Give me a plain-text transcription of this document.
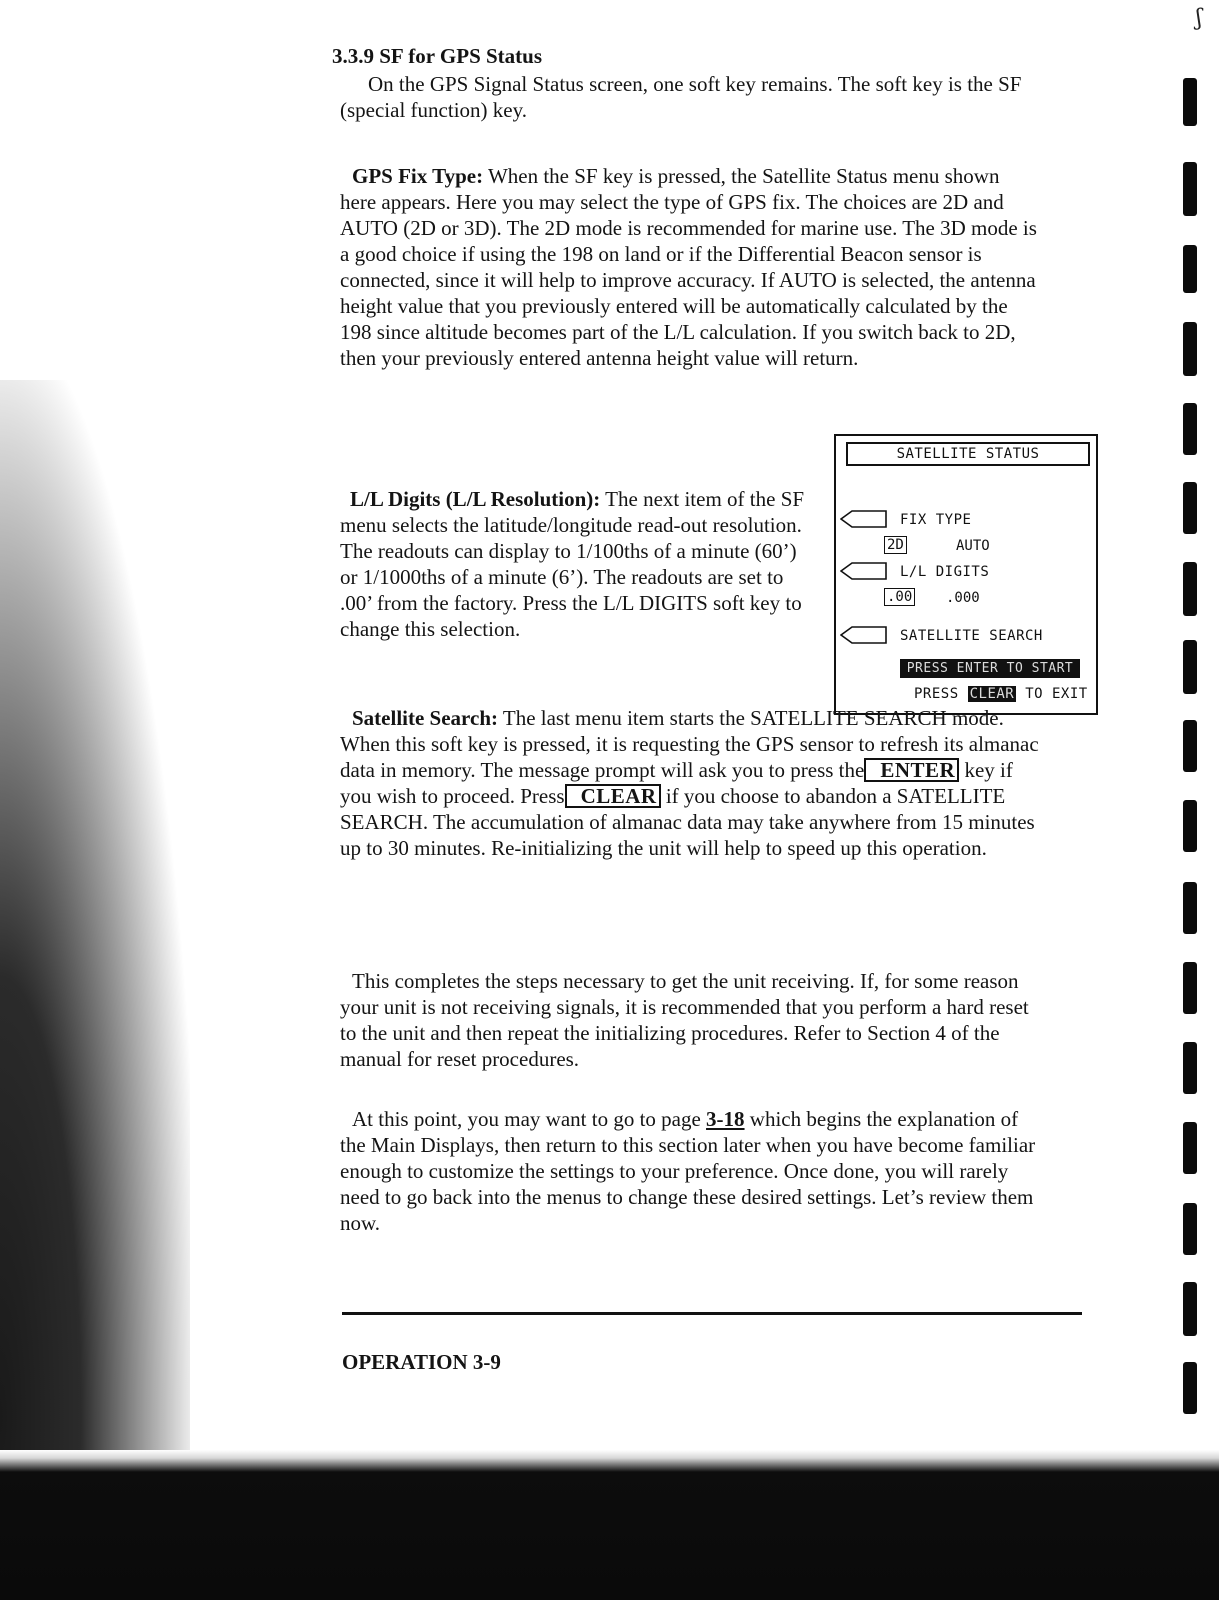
ʃ
3.3.9 SF for GPS Status

On the GPS Signal Status screen, one soft key remains. The soft key is the SF (special function) key.

GPS Fix Type: When the SF key is pressed, the Satellite Status menu shown here appears. Here you may select the type of GPS fix. The choices are 2D and AUTO (2D or 3D). The 2D mode is recommended for marine use. The 3D mode is a good choice if using the 198 on land or if the Differential Beacon sensor is connected, since it will help to improve accuracy. If AUTO is selected, the antenna height value that you previously entered will be automatically calculated by the 198 since altitude becomes part of the L/L calculation. If you switch back to 2D, then your previously entered antenna height value will return.

L/L Digits (L/L Resolution): The next item of the SF menu selects the latitude/longitude read-out resolution. The readouts can display to 1/100ths of a minute (60’) or 1/1000ths of a minute (6’). The readouts are set to .00’ from the factory. Press the L/L DIGITS soft key to change this selection.

SATELLITE STATUS
FIX TYPE
2D	AUTO
L/L DIGITS
.00 .000
SATELLITE SEARCH
PRESS ENTER TO START
PRESS CLEAR TO EXIT

Satellite Search: The last menu item starts the SATELLITE SEARCH mode. When this soft key is pressed, it is requesting the GPS sensor to refresh its almanac data in memory. The message prompt will ask you to press the ENTER key if you wish to proceed. Press CLEAR if you choose to abandon a SATELLITE SEARCH. The accumulation of almanac data may take anywhere from 15 minutes up to 30 minutes. Re-initializing the unit will help to speed up this operation.

This completes the steps necessary to get the unit receiving. If, for some reason your unit is not receiving signals, it is recommended that you perform a hard reset to the unit and then repeat the initializing procedures. Refer to Section 4 of the manual for reset procedures.

At this point, you may want to go to page 3-18 which begins the explanation of the Main Displays, then return to this section later when you have become familiar enough to customize the settings to your preference. Once done, you will rarely need to go back into the menus to change these desired settings. Let’s review them now.

OPERATION 3-9
